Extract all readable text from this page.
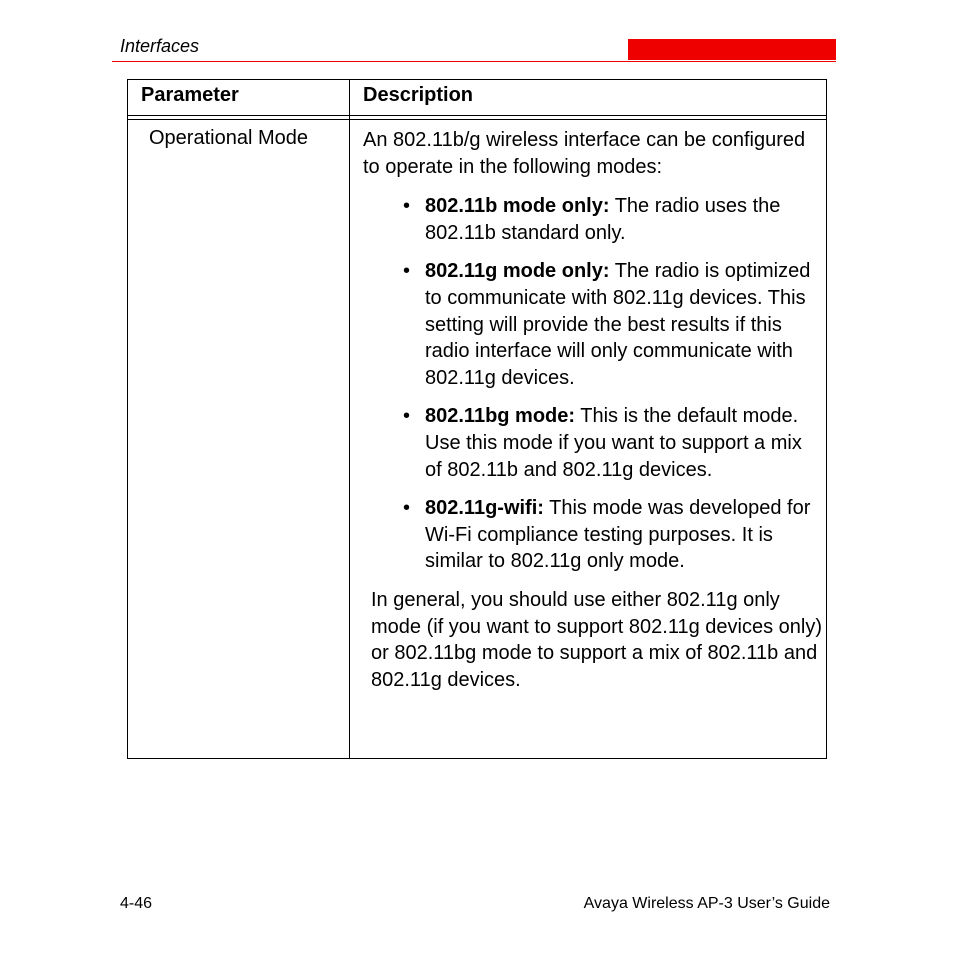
Interfaces
Parameter	Description
Operational Mode	An 802.11b/g wireless interface can be configured to operate in the following modes:

• 802.11b mode only: The radio uses the 802.11b standard only.
• 802.11g mode only: The radio is optimized to communicate with 802.11g devices. This setting will provide the best results if this radio interface will only communicate with 802.11g devices.
• 802.11bg mode: This is the default mode. Use this mode if you want to support a mix of 802.11b and 802.11g devices.
• 802.11g-wifi: This mode was developed for Wi-Fi compliance testing purposes. It is similar to 802.11g only mode.

In general, you should use either 802.11g only mode (if you want to support 802.11g devices only) or 802.11bg mode to support a mix of 802.11b and 802.11g devices.

4-46	Avaya Wireless AP-3 User’s Guide
